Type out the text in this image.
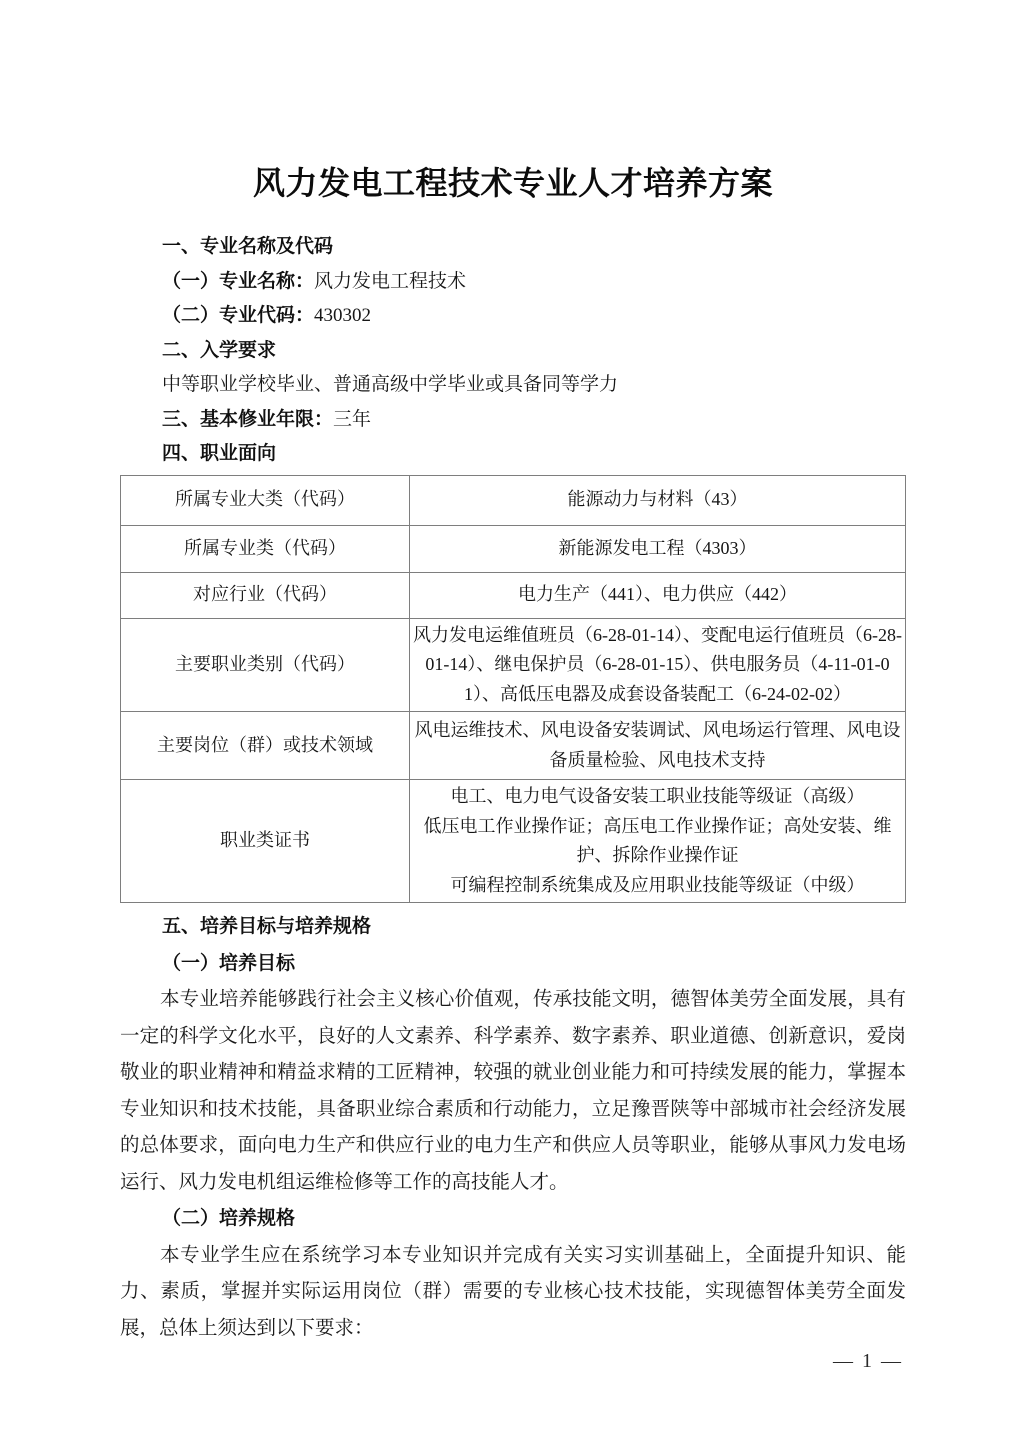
风力发电工程技术专业人才培养方案

一、专业名称及代码

（一）专业名称：风力发电工程技术

（二）专业代码：430302

二、入学要求

中等职业学校毕业、普通高级中学毕业或具备同等学力

三、基本修业年限：三年

四、职业面向

所属专业大类（代码）	能源动力与材料（43）
所属专业类（代码）	新能源发电工程（4303）
对应行业（代码）	电力生产（441）、电力供应（442）
主要职业类别（代码）	风力发电运维值班员（6-28-01-14）、变配电运行值班员（6-28-01-14）、继电保护员（6-28-01-15）、供电服务员（4-11-01-01）、高低压电器及成套设备装配工（6-24-02-02）
主要岗位（群）或技术领域	风电运维技术、风电设备安装调试、风电场运行管理、风电设备质量检验、风电技术支持
职业类证书	电工、电力电气设备安装工职业技能等级证（高级）
低压电工作业操作证；高压电工作业操作证；高处安装、维护、拆除作业操作证
可编程控制系统集成及应用职业技能等级证（中级）

五、培养目标与培养规格

（一）培养目标

本专业培养能够践行社会主义核心价值观，传承技能文明，德智体美劳全面发展，具有一定的科学文化水平，良好的人文素养、科学素养、数字素养、职业道德、创新意识，爱岗敬业的职业精神和精益求精的工匠精神，较强的就业创业能力和可持续发展的能力，掌握本专业知识和技术技能，具备职业综合素质和行动能力，立足豫晋陕等中部城市社会经济发展的总体要求，面向电力生产和供应行业的电力生产和供应人员等职业，能够从事风力发电场运行、风力发电机组运维检修等工作的高技能人才。

（二）培养规格

本专业学生应在系统学习本专业知识并完成有关实习实训基础上，全面提升知识、能力、素质，掌握并实际运用岗位（群）需要的专业核心技术技能，实现德智体美劳全面发展，总体上须达到以下要求：

— 1 —
